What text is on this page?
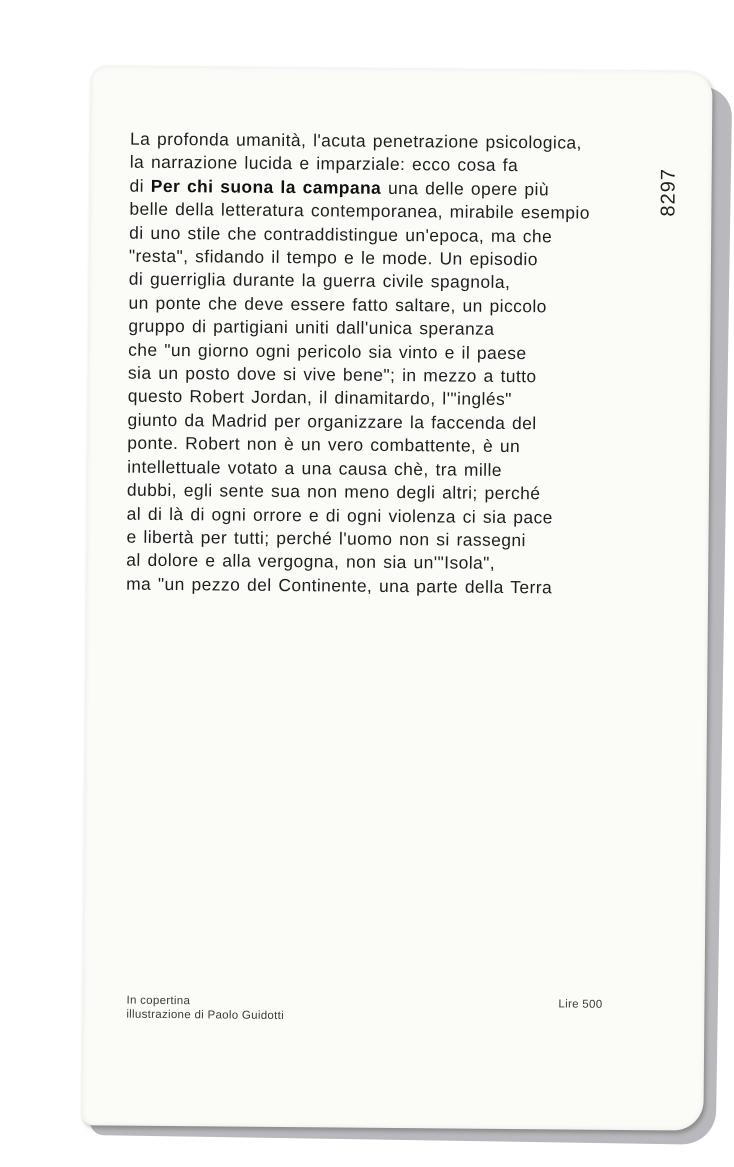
La profonda umanità, l'acuta penetrazione psicologica,
la narrazione lucida e imparziale: ecco cosa fa
di Per chi suona la campana una delle opere più
belle della letteratura contemporanea, mirabile esempio
di uno stile che contraddistingue un'epoca, ma che
"resta", sfidando il tempo e le mode. Un episodio
di guerriglia durante la guerra civile spagnola,
un ponte che deve essere fatto saltare, un piccolo
gruppo di partigiani uniti dall'unica speranza
che "un giorno ogni pericolo sia vinto e il paese
sia un posto dove si vive bene"; in mezzo a tutto
questo Robert Jordan, il dinamitardo, l'"inglés"
giunto da Madrid per organizzare la faccenda del
ponte. Robert non è un vero combattente, è un
intellettuale votato a una causa chè, tra mille
dubbi, egli sente sua non meno degli altri; perché
al di là di ogni orrore e di ogni violenza ci sia pace
e libertà per tutti; perché l'uomo non si rassegni
al dolore e alla vergogna, non sia un'"Isola",
ma "un pezzo del Continente, una parte della Terra

8297
In copertina
illustrazione di Paolo Guidotti
Lire 500
